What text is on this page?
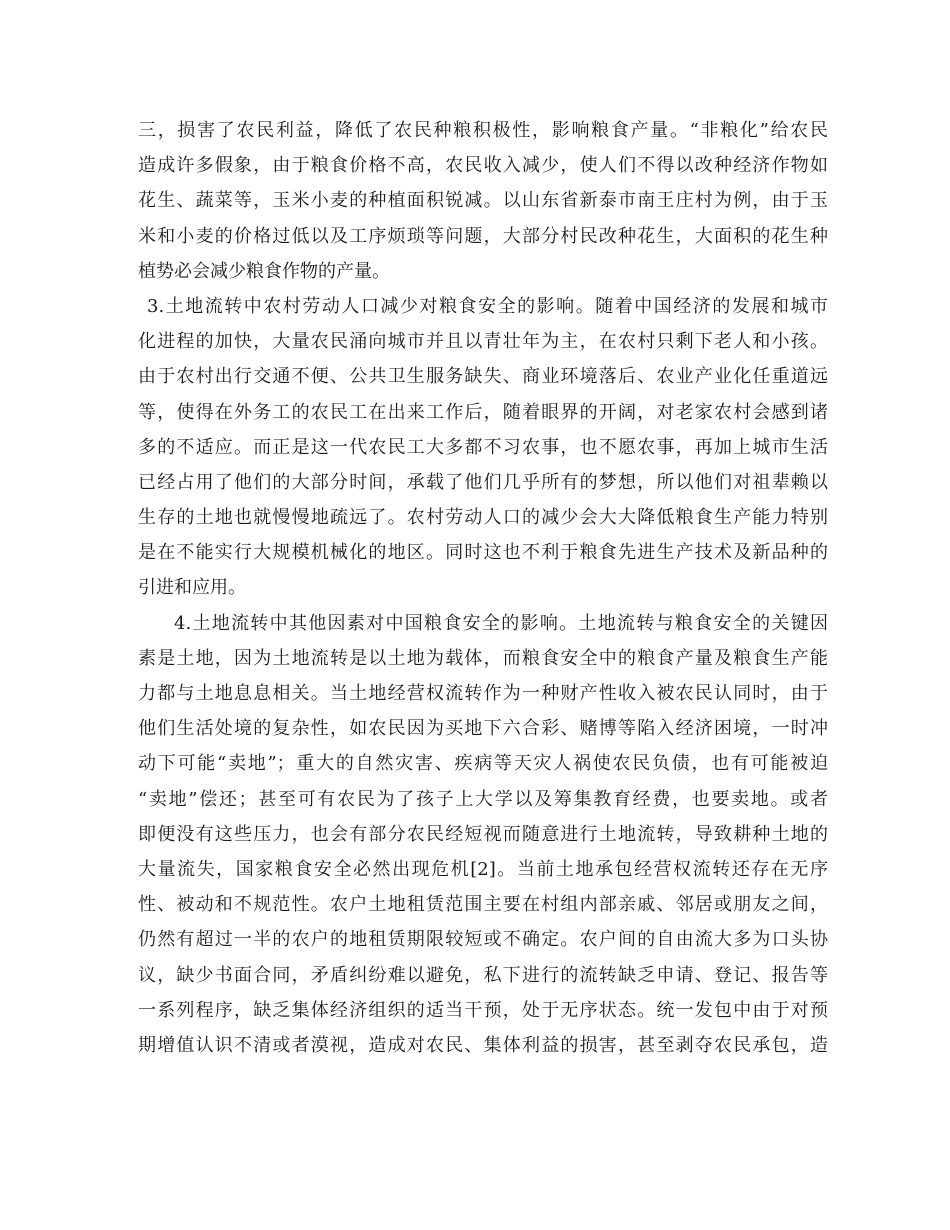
三，损害了农民利益，降低了农民种粮积极性，影响粮食产量。“非粮化”给农民
造成许多假象，由于粮食价格不高，农民收入减少，使人们不得以改种经济作物如
花生、蔬菜等，玉米小麦的种植面积锐减。以山东省新泰市南王庄村为例，由于玉
米和小麦的价格过低以及工序烦琐等问题，大部分村民改种花生，大面积的花生种
植势必会减少粮食作物的产量。
3.土地流转中农村劳动人口减少对粮食安全的影响。随着中国经济的发展和城市
化进程的加快，大量农民涌向城市并且以青壮年为主，在农村只剩下老人和小孩。
由于农村出行交通不便、公共卫生服务缺失、商业环境落后、农业产业化任重道远
等，使得在外务工的农民工在出来工作后，随着眼界的开阔，对老家农村会感到诸
多的不适应。而正是这一代农民工大多都不习农事，也不愿农事，再加上城市生活
已经占用了他们的大部分时间，承载了他们几乎所有的梦想，所以他们对祖辈赖以
生存的土地也就慢慢地疏远了。农村劳动人口的减少会大大降低粮食生产能力特别
是在不能实行大规模机械化的地区。同时这也不利于粮食先进生产技术及新品种的
引进和应用。
4.土地流转中其他因素对中国粮食安全的影响。土地流转与粮食安全的关键因
素是土地，因为土地流转是以土地为载体，而粮食安全中的粮食产量及粮食生产能
力都与土地息息相关。当土地经营权流转作为一种财产性收入被农民认同时，由于
他们生活处境的复杂性，如农民因为买地下六合彩、赌博等陷入经济困境，一时冲
动下可能“卖地”；重大的自然灾害、疾病等天灾人祸使农民负债，也有可能被迫
“卖地”偿还；甚至可有农民为了孩子上大学以及筹集教育经费，也要卖地。或者
即便没有这些压力，也会有部分农民经短视而随意进行土地流转，导致耕种土地的
大量流失，国家粮食安全必然出现危机[2]。当前土地承包经营权流转还存在无序
性、被动和不规范性。农户土地租赁范围主要在村组内部亲戚、邻居或朋友之间，
仍然有超过一半的农户的地租赁期限较短或不确定。农户间的自由流大多为口头协
议，缺少书面合同，矛盾纠纷难以避免，私下进行的流转缺乏申请、登记、报告等
一系列程序，缺乏集体经济组织的适当干预，处于无序状态。统一发包中由于对预
期增值认识不清或者漠视，造成对农民、集体利益的损害，甚至剥夺农民承包，造
